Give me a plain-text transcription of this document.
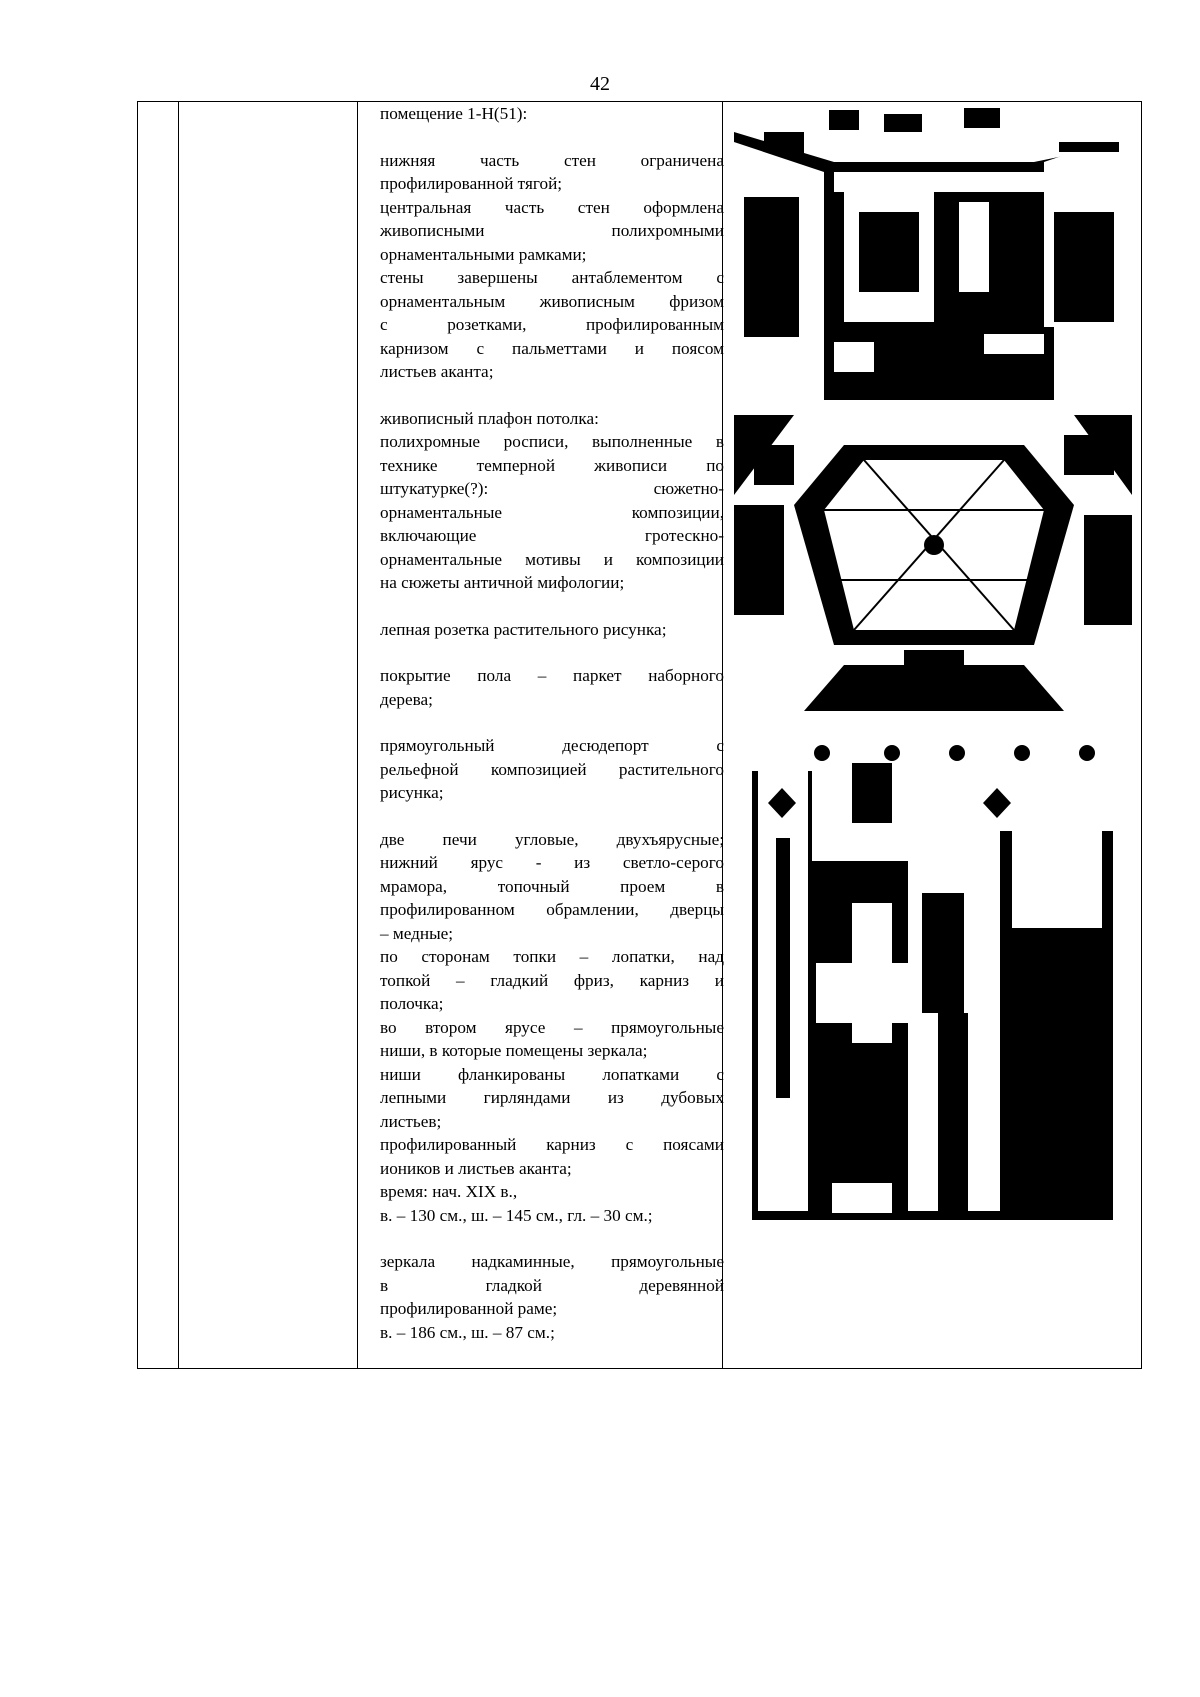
42

помещение 1-Н(51):

нижняя часть стен ограничена

профилированной тягой;

центральная часть стен оформлена

живописными полихромными

орнаментальными рамками;

стены завершены антаблементом с

орнаментальным живописным фризом

с розетками, профилированным

карнизом с пальметтами и поясом

листьев аканта;

живописный плафон потолка:

полихромные росписи, выполненные в

технике темперной живописи по

штукатурке(?): сюжетно-

орнаментальные композиции,

включающие гротескно-

орнаментальные мотивы и композиции

на сюжеты античной мифологии;

лепная розетка растительного рисунка;

покрытие пола – паркет наборного

дерева;

прямоугольный десюдепорт с

рельефной композицией растительного

рисунка;

две печи угловые, двухъярусные;

нижний ярус - из светло-серого

мрамора, топочный проем в

профилированном обрамлении, дверцы

– медные;

по сторонам топки – лопатки, над

топкой – гладкий фриз, карниз и

полочка;

во втором ярусе – прямоугольные

ниши, в которые помещены зеркала;

ниши фланкированы лопатками с

лепными гирляндами из дубовых

листьев;

профилированный карниз с поясами

иоников и листьев аканта;

время: нач. XIX в.,

в. – 130 см., ш. – 145 см., гл. – 30 см.;

зеркала надкаминные, прямоугольные

в гладкой деревянной

профилированной раме;

в. – 186 см., ш. – 87 см.;
